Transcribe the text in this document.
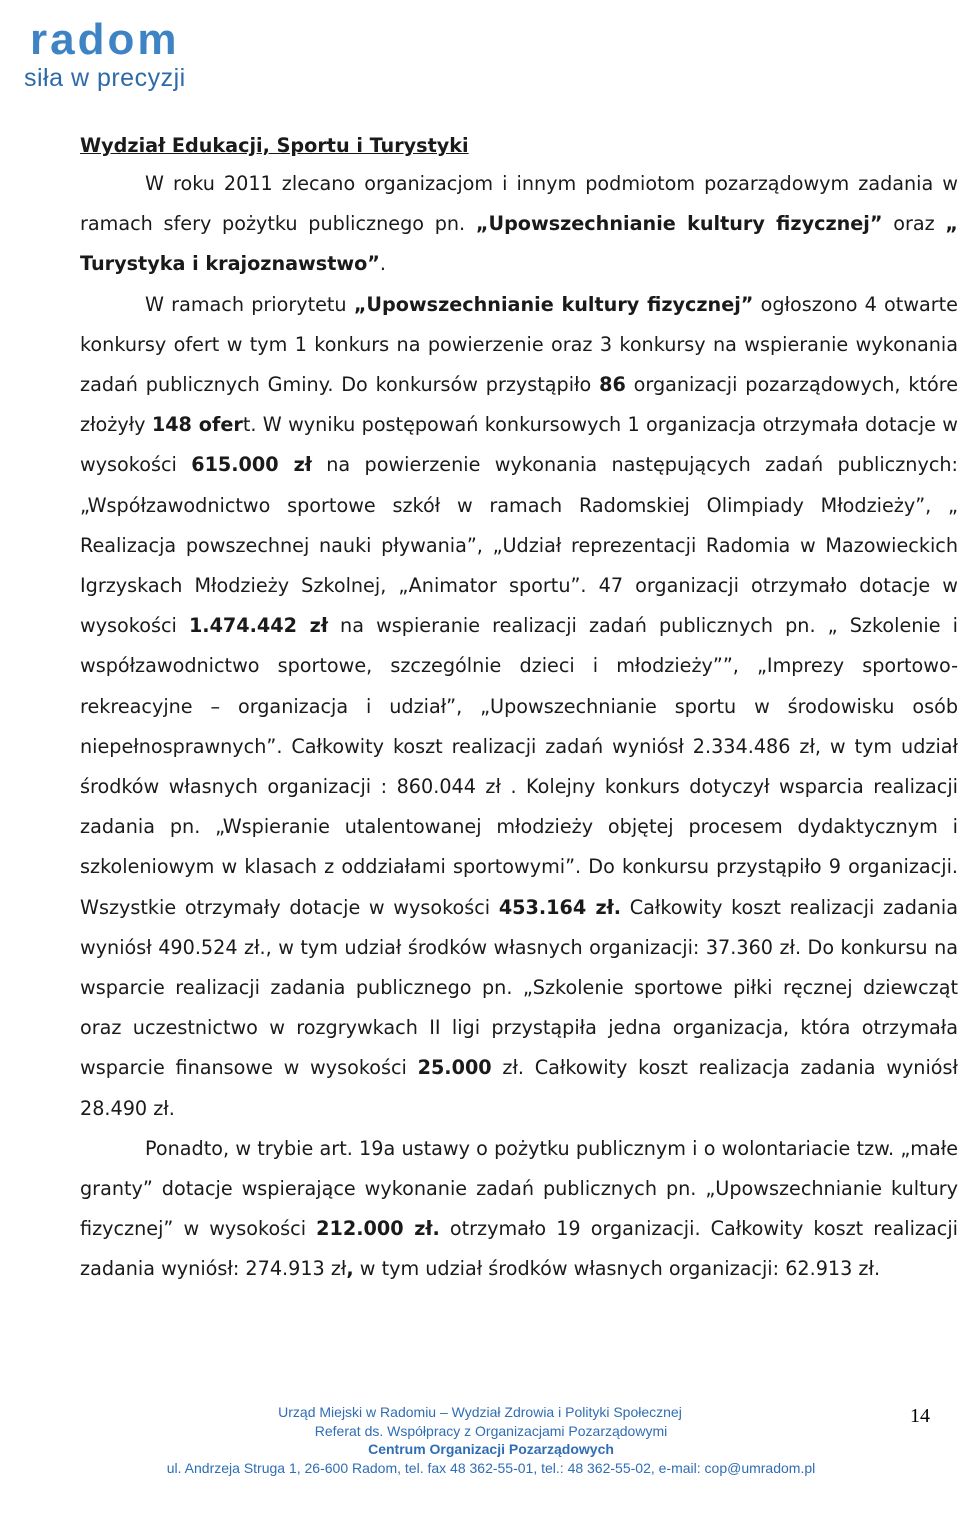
radom
siła w precyzji

Wydział Edukacji, Sportu i Turystyki

W roku 2011 zlecano organizacjom i innym podmiotom pozarządowym zadania w ramach sfery pożytku publicznego pn. „Upowszechnianie kultury fizycznej” oraz „ Turystyka i krajoznawstwo”.

W ramach priorytetu „Upowszechnianie kultury fizycznej” ogłoszono 4 otwarte konkursy ofert w tym 1 konkurs na powierzenie oraz 3 konkursy na wspieranie wykonania zadań publicznych Gminy. Do konkursów przystąpiło 86 organizacji pozarządowych, które złożyły 148 ofert. W wyniku postępowań konkursowych 1 organizacja otrzymała dotacje w wysokości 615.000 zł na powierzenie wykonania następujących zadań publicznych: „Współzawodnictwo sportowe szkół w ramach Radomskiej Olimpiady Młodzieży”, „ Realizacja powszechnej nauki pływania”, „Udział reprezentacji Radomia w Mazowieckich Igrzyskach Młodzieży Szkolnej, „Animator sportu”. 47 organizacji otrzymało dotacje w wysokości 1.474.442 zł na wspieranie realizacji zadań publicznych pn. „ Szkolenie i współzawodnictwo sportowe, szczególnie dzieci i młodzieży””, „Imprezy sportowo-rekreacyjne – organizacja i udział”, „Upowszechnianie sportu w środowisku osób niepełnosprawnych”. Całkowity koszt realizacji zadań wyniósł 2.334.486 zł, w tym udział środków własnych organizacji : 860.044 zł . Kolejny konkurs dotyczył wsparcia realizacji zadania pn. „Wspieranie utalentowanej młodzieży objętej procesem dydaktycznym i szkoleniowym w klasach z oddziałami sportowymi”. Do konkursu przystąpiło 9 organizacji. Wszystkie otrzymały dotacje w wysokości 453.164 zł. Całkowity koszt realizacji zadania wyniósł 490.524 zł., w tym udział środków własnych organizacji: 37.360 zł. Do konkursu na wsparcie realizacji zadania publicznego pn. „Szkolenie sportowe piłki ręcznej dziewcząt oraz uczestnictwo w rozgrywkach II ligi przystąpiła jedna organizacja, która otrzymała wsparcie finansowe w wysokości 25.000 zł. Całkowity koszt realizacja zadania wyniósł 28.490 zł.

Ponadto, w trybie art. 19a ustawy o pożytku publicznym i o wolontariacie tzw. „małe granty” dotacje wspierające wykonanie zadań publicznych pn. „Upowszechnianie kultury fizycznej” w wysokości 212.000 zł. otrzymało 19 organizacji. Całkowity koszt realizacji zadania wyniósł: 274.913 zł, w tym udział środków własnych organizacji: 62.913 zł.

Urząd Miejski w Radomiu – Wydział Zdrowia i Polityki Społecznej
Referat ds. Współpracy z Organizacjami Pozarządowymi
Centrum Organizacji Pozarządowych
ul. Andrzeja Struga 1, 26-600 Radom, tel. fax 48 362-55-01, tel.: 48 362-55-02, e-mail: cop@umradom.pl
14
